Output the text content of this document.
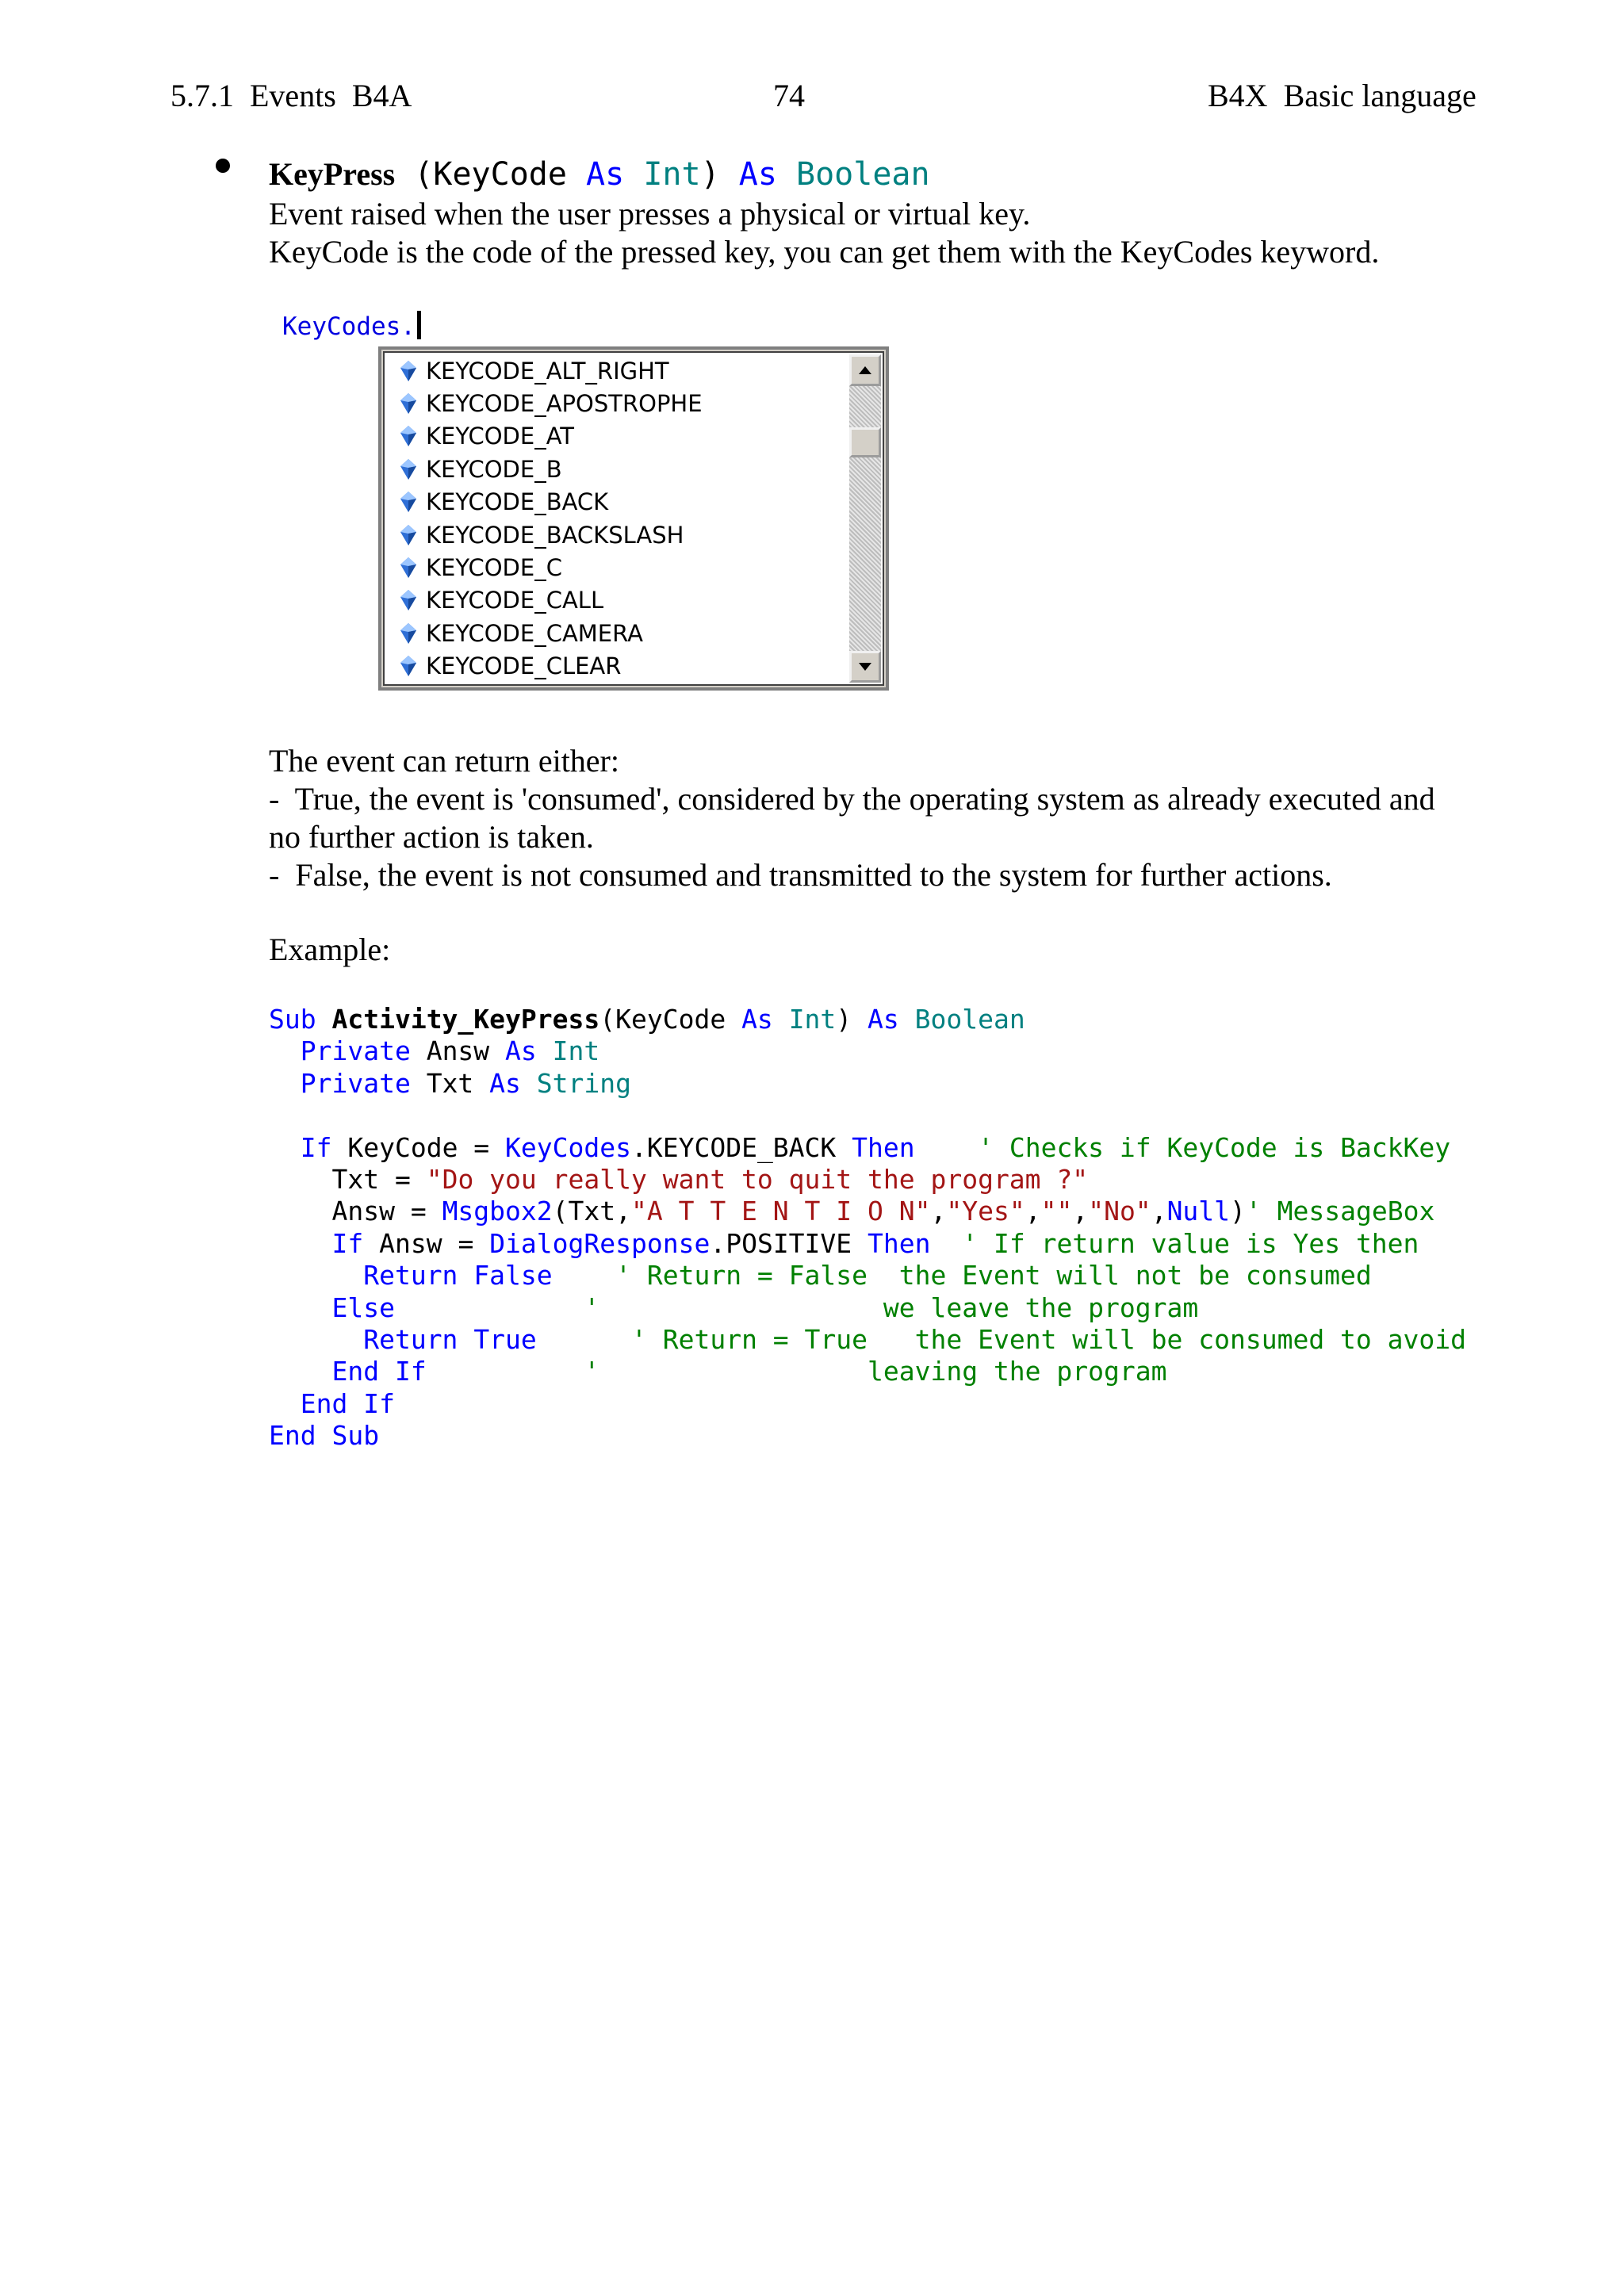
5.7.1  Events  B4A	74	B4X  Basic language
KeyPress (KeyCode As Int) As Boolean
Event raised when the user presses a physical or virtual key.
KeyCode is the code of the pressed key, you can get them with the KeyCodes keyword.
KeyCodes.
KEYCODE_ALT_RIGHT
KEYCODE_APOSTROPHE
KEYCODE_AT
KEYCODE_B
KEYCODE_BACK
KEYCODE_BACKSLASH
KEYCODE_C
KEYCODE_CALL
KEYCODE_CAMERA
KEYCODE_CLEAR
The event can return either:
-  True, the event is 'consumed', considered by the operating system as already executed and
no further action is taken.
-  False, the event is not consumed and transmitted to the system for further actions.
Example:
Sub Activity_KeyPress(KeyCode As Int) As Boolean
Private Answ As Int
Private Txt As String

If KeyCode = KeyCodes.KEYCODE_BACK Then    ' Checks if KeyCode is BackKey
Txt = "Do you really want to quit the program ?"
Answ = Msgbox2(Txt,"A T T E N T I O N","Yes","","No",Null)' MessageBox
If Answ = DialogResponse.POSITIVE Then  ' If return value is Yes then
Return False    ' Return = False  the Event will not be consumed
Else            '                  we leave the program
Return True      ' Return = True   the Event will be consumed to avoid
End If          '                 leaving the program
End If
End Sub
